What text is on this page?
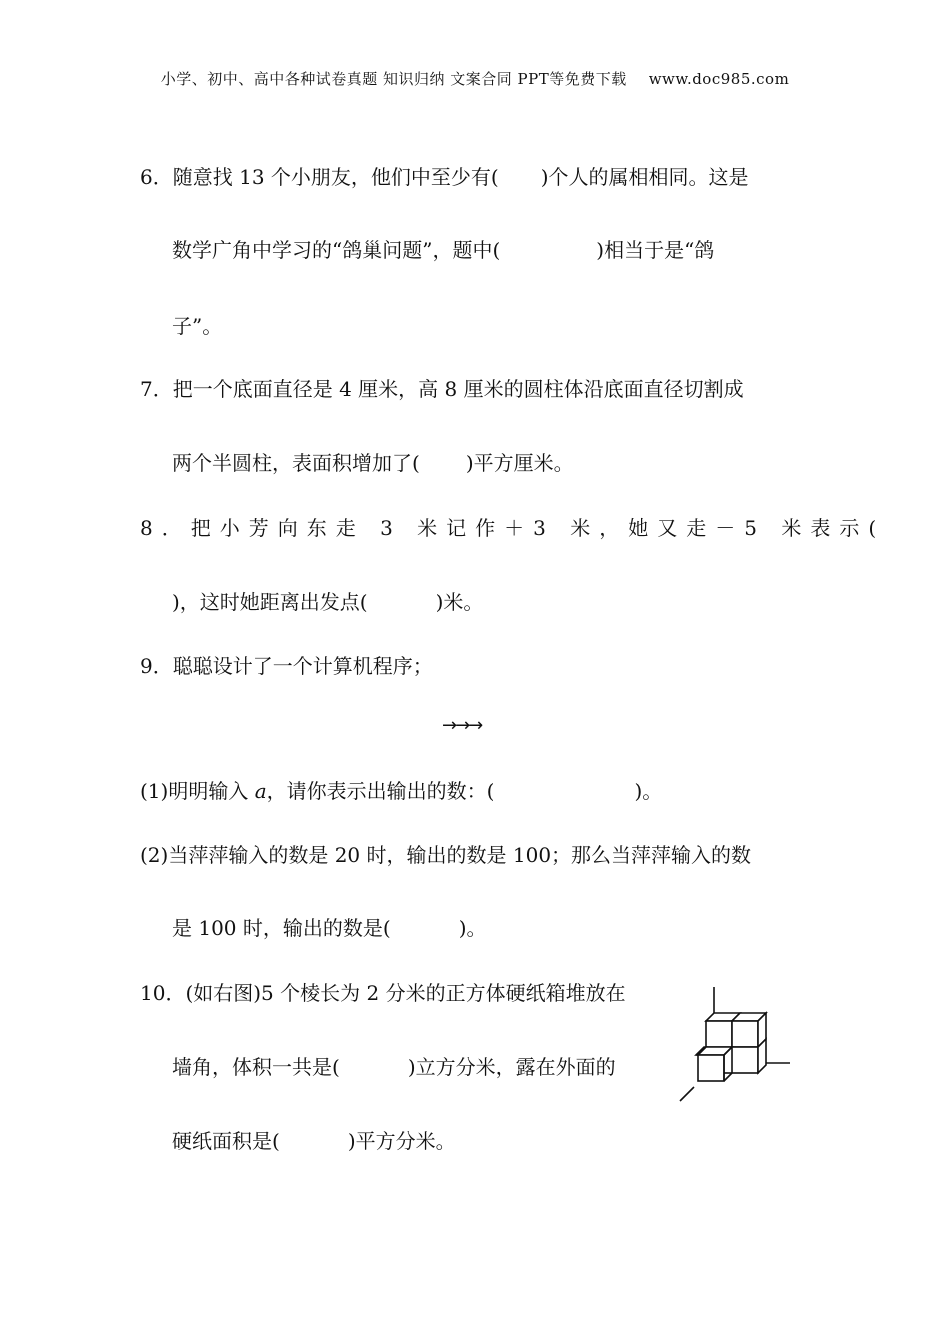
小学、初中、高中各种试卷真题 知识归纳 文案合同 PPT等免费下载 www.doc985.com
6．随意找 13 个小朋友，他们中至少有( )个人的属相相同。这是
数学广角中学习的“鸽巢问题”，题中(	)相当于是“鸽
子”。
7．把一个底面直径是 4 厘米，高 8 厘米的圆柱体沿底面直径切割成
两个半圆柱，表面积增加了( )平方厘米。
8．把小芳向东走 3 米记作＋3 米，她又走－5 米表示(
)，这时她距离出发点(	)米。
9．聪聪设计了一个计算机程序；
→→→
(1)明明输入 a，请你表示出输出的数：(	)。
(2)当萍萍输入的数是 20 时，输出的数是 100；那么当萍萍输入的数
是 100 时，输出的数是(	)。
10．(如右图)5 个棱长为 2 分米的正方体硬纸箱堆放在
墙角，体积一共是(	)立方分米，露在外面的
硬纸面积是(	)平方分米。
